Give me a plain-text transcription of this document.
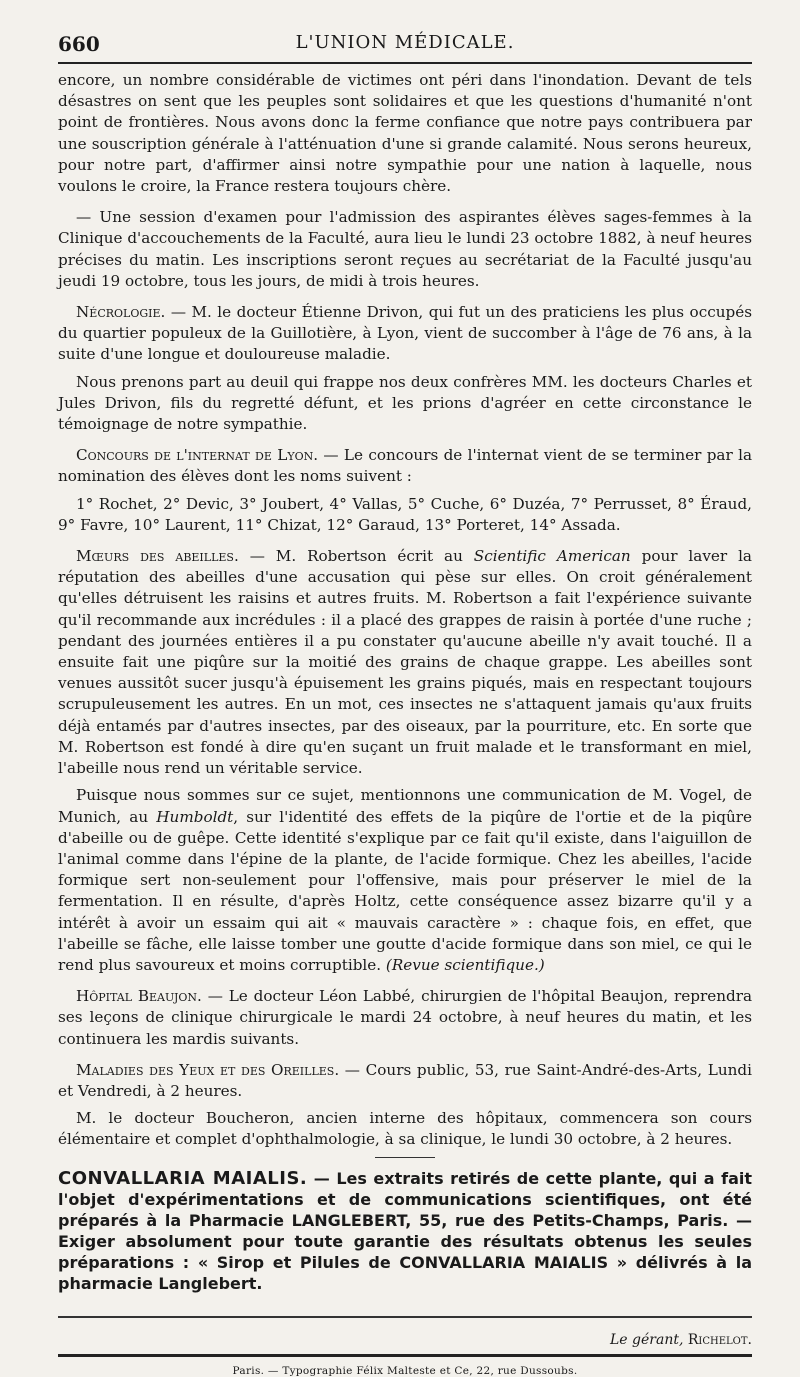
660	L'UNION MÉDICALE.

encore, un nombre considérable de victimes ont péri dans l'inondation. Devant de tels désastres on sent que les peuples sont solidaires et que les questions d'humanité n'ont point de frontières. Nous avons donc la ferme confiance que notre pays contribuera par une souscription générale à l'atténuation d'une si grande calamité. Nous serons heureux, pour notre part, d'affirmer ainsi notre sympathie pour une nation à laquelle, nous voulons le croire, la France restera toujours chère.

— Une session d'examen pour l'admission des aspirantes élèves sages-femmes à la Clinique d'accouchements de la Faculté, aura lieu le lundi 23 octobre 1882, à neuf heures précises du matin. Les inscriptions seront reçues au secrétariat de la Faculté jusqu'au jeudi 19 octobre, tous les jours, de midi à trois heures.

Nécrologie. — M. le docteur Étienne Drivon, qui fut un des praticiens les plus occupés du quartier populeux de la Guillotière, à Lyon, vient de succomber à l'âge de 76 ans, à la suite d'une longue et douloureuse maladie.

Nous prenons part au deuil qui frappe nos deux confrères MM. les docteurs Charles et Jules Drivon, fils du regretté défunt, et les prions d'agréer en cette circonstance le témoignage de notre sympathie.

Concours de l'internat de Lyon. — Le concours de l'internat vient de se terminer par la nomination des élèves dont les noms suivent :

1° Rochet, 2° Devic, 3° Joubert, 4° Vallas, 5° Cuche, 6° Duzéa, 7° Perrusset, 8° Éraud, 9° Favre, 10° Laurent, 11° Chizat, 12° Garaud, 13° Porteret, 14° Assada.

Mœurs des abeilles. — M. Robertson écrit au Scientific American pour laver la réputation des abeilles d'une accusation qui pèse sur elles. On croit généralement qu'elles détruisent les raisins et autres fruits. M. Robertson a fait l'expérience suivante qu'il recommande aux incrédules : il a placé des grappes de raisin à portée d'une ruche ; pendant des journées entières il a pu constater qu'aucune abeille n'y avait touché. Il a ensuite fait une piqûre sur la moitié des grains de chaque grappe. Les abeilles sont venues aussitôt sucer jusqu'à épuisement les grains piqués, mais en respectant toujours scrupuleusement les autres. En un mot, ces insectes ne s'attaquent jamais qu'aux fruits déjà entamés par d'autres insectes, par des oiseaux, par la pourriture, etc. En sorte que M. Robertson est fondé à dire qu'en suçant un fruit malade et le transformant en miel, l'abeille nous rend un véritable service.

Puisque nous sommes sur ce sujet, mentionnons une communication de M. Vogel, de Munich, au Humboldt, sur l'identité des effets de la piqûre de l'ortie et de la piqûre d'abeille ou de guêpe. Cette identité s'explique par ce fait qu'il existe, dans l'aiguillon de l'animal comme dans l'épine de la plante, de l'acide formique. Chez les abeilles, l'acide formique sert non-seulement pour l'offensive, mais pour préserver le miel de la fermentation. Il en résulte, d'après Holtz, cette conséquence assez bizarre qu'il y a intérêt à avoir un essaim qui ait « mauvais caractère » : chaque fois, en effet, que l'abeille se fâche, elle laisse tomber une goutte d'acide formique dans son miel, ce qui le rend plus savoureux et moins corruptible. (Revue scientifique.)

Hôpital Beaujon. — Le docteur Léon Labbé, chirurgien de l'hôpital Beaujon, reprendra ses leçons de clinique chirurgicale le mardi 24 octobre, à neuf heures du matin, et les continuera les mardis suivants.

Maladies des Yeux et des Oreilles. — Cours public, 53, rue Saint-André-des-Arts, Lundi et Vendredi, à 2 heures.

M. le docteur Boucheron, ancien interne des hôpitaux, commencera son cours élémentaire et complet d'ophthalmologie, à sa clinique, le lundi 30 octobre, à 2 heures.

CONVALLARIA MAIALIS. — Les extraits retirés de cette plante, qui a fait l'objet d'expérimentations et de communications scientifiques, ont été préparés à la Pharmacie LANGLEBERT, 55, rue des Petits-Champs, Paris. — Exiger absolument pour toute garantie des résultats obtenus les seules préparations : « Sirop et Pilules de CONVALLARIA MAIALIS » délivrés à la pharmacie Langlebert.

Le gérant, Richelot.
Paris. — Typographie Félix Malteste et Ce, 22, rue Dussoubs.
